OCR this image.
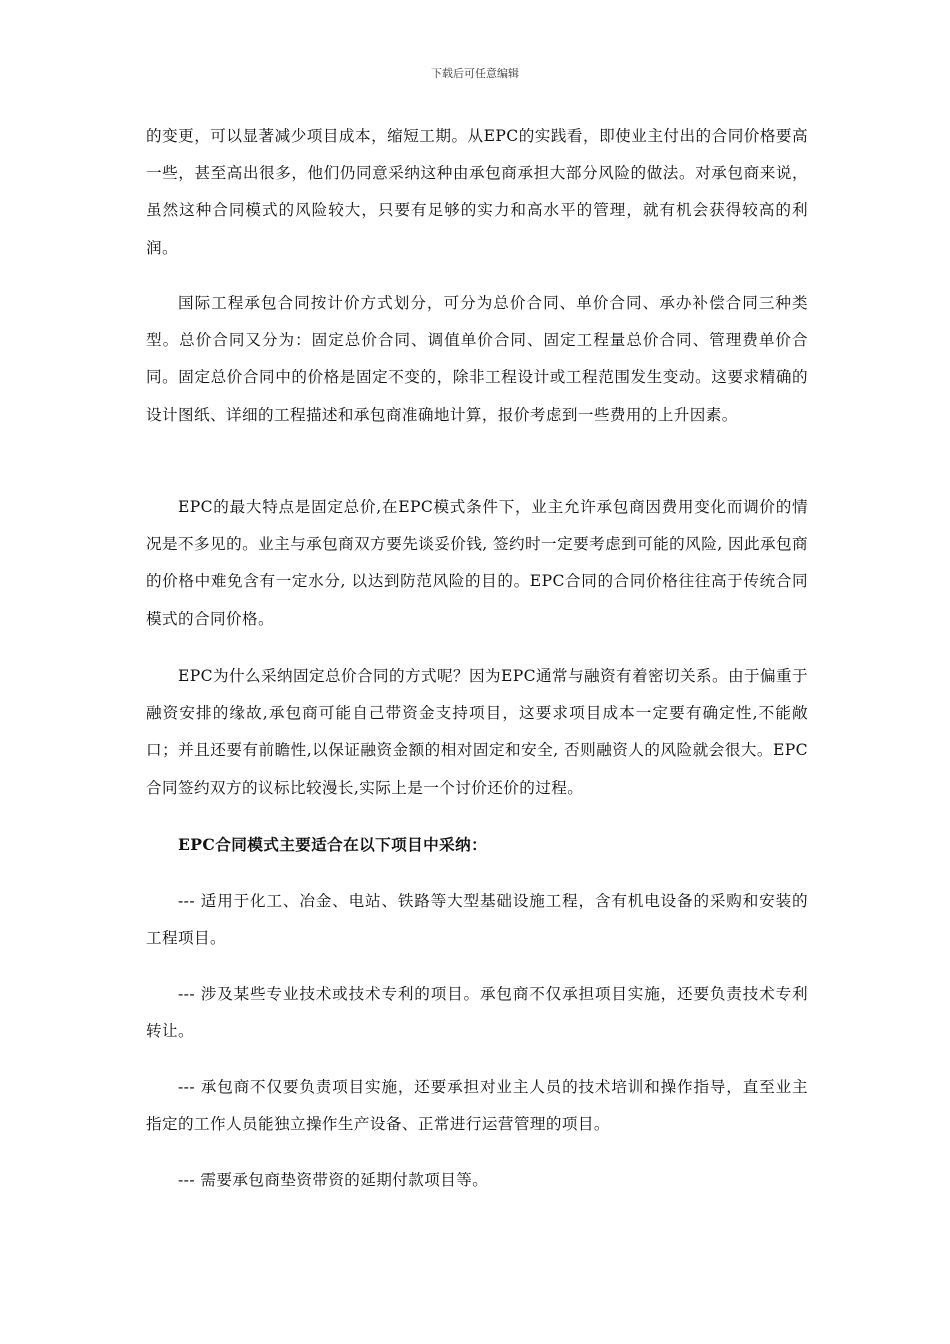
下载后可任意编辑

的变更，可以显著减少项目成本，缩短工期。从EPC的实践看，即使业主付出的合同价格要高一些，甚至高出很多，他们仍同意采纳这种由承包商承担大部分风险的做法。对承包商来说，虽然这种合同模式的风险较大，只要有足够的实力和高水平的管理，就有机会获得较高的利润。

国际工程承包合同按计价方式划分，可分为总价合同、单价合同、承办补偿合同三种类型。总价合同又分为：固定总价合同、调值单价合同、固定工程量总价合同、管理费单价合同。固定总价合同中的价格是固定不变的，除非工程设计或工程范围发生变动。这要求精确的设计图纸、详细的工程描述和承包商准确地计算，报价考虑到一些费用的上升因素。

EPC的最大特点是固定总价,在EPC模式条件下，业主允许承包商因费用变化而调价的情况是不多见的。业主与承包商双方要先谈妥价钱, 签约时一定要考虑到可能的风险, 因此承包商的价格中难免含有一定水分, 以达到防范风险的目的。EPC合同的合同价格往往高于传统合同模式的合同价格。

EPC为什么采纳固定总价合同的方式呢？因为EPC通常与融资有着密切关系。由于偏重于融资安排的缘故,承包商可能自己带资金支持项目，这要求项目成本一定要有确定性,不能敞口；并且还要有前瞻性,以保证融资金额的相对固定和安全, 否则融资人的风险就会很大。EPC合同签约双方的议标比较漫长,实际上是一个讨价还价的过程。

EPC合同模式主要适合在以下项目中采纳：

--- 适用于化工、冶金、电站、铁路等大型基础设施工程，含有机电设备的采购和安装的工程项目。

--- 涉及某些专业技术或技术专利的项目。承包商不仅承担项目实施，还要负责技术专利转让。

--- 承包商不仅要负责项目实施，还要承担对业主人员的技术培训和操作指导，直至业主指定的工作人员能独立操作生产设备、正常进行运营管理的项目。

--- 需要承包商垫资带资的延期付款项目等。
